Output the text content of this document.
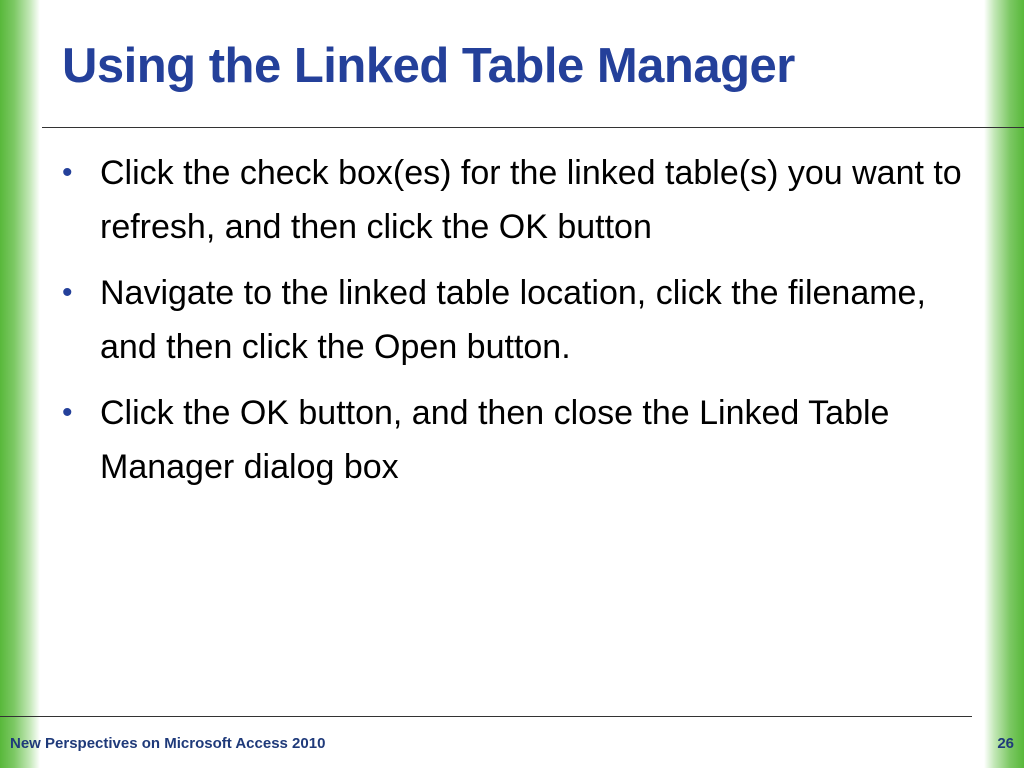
Using the Linked Table Manager
• Click the check box(es) for the linked table(s) you want to refresh, and then click the OK button
• Navigate to the linked table location, click the filename, and then click the Open button.
• Click the OK button, and then close the Linked Table Manager dialog box
New Perspectives on Microsoft Access 2010	26
